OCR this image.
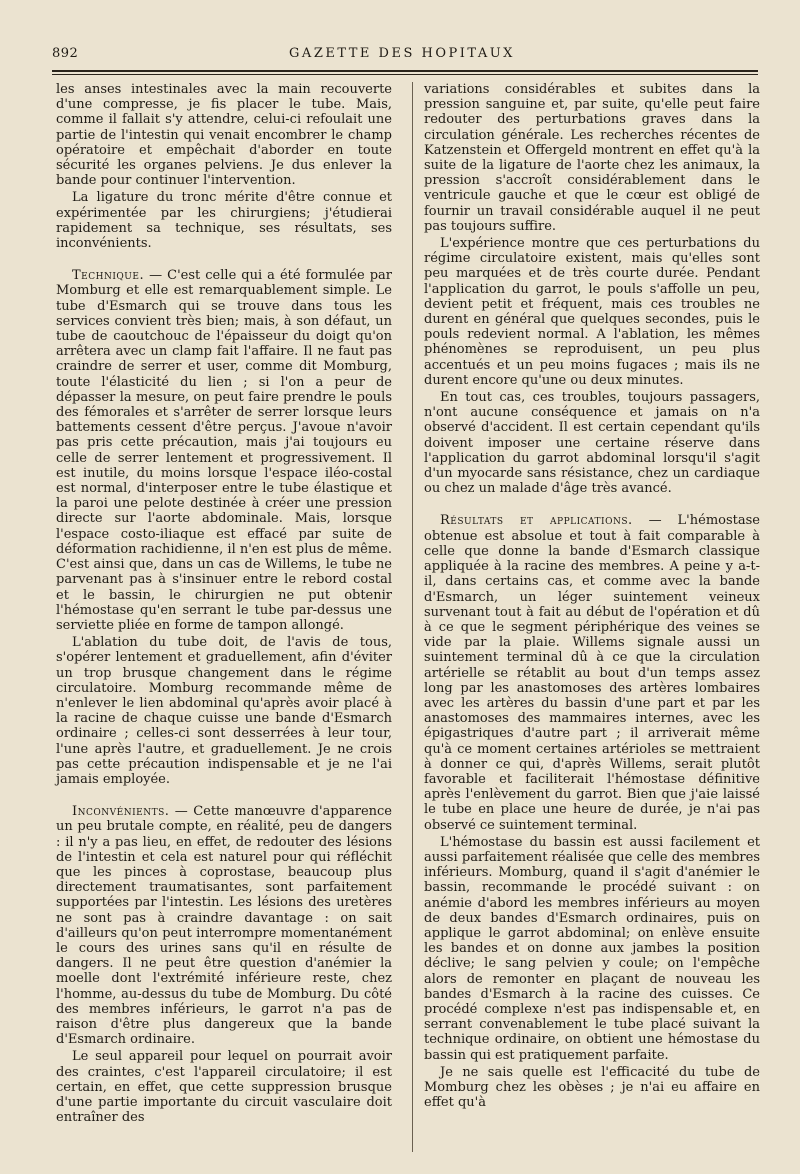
892	GAZETTE DES HOPITAUX

les anses intestinales avec la main recouverte d'une compresse, je fis placer le tube. Mais, comme il fallait s'y attendre, celui-ci refoulait une partie de l'intestin qui venait encombrer le champ opératoire et empêchait d'aborder en toute sécurité les organes pelviens. Je dus enlever la bande pour continuer l'intervention.

La ligature du tronc mérite d'être connue et expérimentée par les chirurgiens; j'étudierai rapidement sa technique, ses résultats, ses inconvénients.

Technique. — C'est celle qui a été formulée par Momburg et elle est remarquablement simple. Le tube d'Esmarch qui se trouve dans tous les services convient très bien; mais, à son défaut, un tube de caoutchouc de l'épaisseur du doigt qu'on arrêtera avec un clamp fait l'affaire. Il ne faut pas craindre de serrer et user, comme dit Momburg, toute l'élasticité du lien ; si l'on a peur de dépasser la mesure, on peut faire prendre le pouls des fémorales et s'arrêter de serrer lorsque leurs battements cessent d'être perçus. J'avoue n'avoir pas pris cette précaution, mais j'ai toujours eu celle de serrer lentement et progressivement. Il est inutile, du moins lorsque l'espace iléo-costal est normal, d'interposer entre le tube élastique et la paroi une pelote destinée à créer une pression directe sur l'aorte abdominale. Mais, lorsque l'espace costo-iliaque est effacé par suite de déformation rachidienne, il n'en est plus de même. C'est ainsi que, dans un cas de Willems, le tube ne parvenant pas à s'insinuer entre le rebord costal et le bassin, le chirurgien ne put obtenir l'hémostase qu'en serrant le tube par-dessus une serviette pliée en forme de tampon allongé.

L'ablation du tube doit, de l'avis de tous, s'opérer lentement et graduellement, afin d'éviter un trop brusque changement dans le régime circulatoire. Momburg recommande même de n'enlever le lien abdominal qu'après avoir placé à la racine de chaque cuisse une bande d'Esmarch ordinaire ; celles-ci sont desserrées à leur tour, l'une après l'autre, et graduellement. Je ne crois pas cette précaution indispensable et je ne l'ai jamais employée.

Inconvénients. — Cette manœuvre d'apparence un peu brutale compte, en réalité, peu de dangers : il n'y a pas lieu, en effet, de redouter des lésions de l'intestin et cela est naturel pour qui réfléchit que les pinces à coprostase, beaucoup plus directement traumatisantes, sont parfaitement supportées par l'intestin. Les lésions des uretères ne sont pas à craindre davantage : on sait d'ailleurs qu'on peut interrompre momentanément le cours des urines sans qu'il en résulte de dangers. Il ne peut être question d'anémier la moelle dont l'extrémité inférieure reste, chez l'homme, au-dessus du tube de Momburg. Du côté des membres inférieurs, le garrot n'a pas de raison d'être plus dangereux que la bande d'Esmarch ordinaire.

Le seul appareil pour lequel on pourrait avoir des craintes, c'est l'appareil circulatoire; il est certain, en effet, que cette suppression brusque d'une partie importante du circuit vasculaire doit entraîner des

variations considérables et subites dans la pression sanguine et, par suite, qu'elle peut faire redouter des perturbations graves dans la circulation générale. Les recherches récentes de Katzenstein et Offergeld montrent en effet qu'à la suite de la ligature de l'aorte chez les animaux, la pression s'accroît considérablement dans le ventricule gauche et que le cœur est obligé de fournir un travail considérable auquel il ne peut pas toujours suffire.

L'expérience montre que ces perturbations du régime circulatoire existent, mais qu'elles sont peu marquées et de très courte durée. Pendant l'application du garrot, le pouls s'affolle un peu, devient petit et fréquent, mais ces troubles ne durent en général que quelques secondes, puis le pouls redevient normal. A l'ablation, les mêmes phénomènes se reproduisent, un peu plus accentués et un peu moins fugaces ; mais ils ne durent encore qu'une ou deux minutes.

En tout cas, ces troubles, toujours passagers, n'ont aucune conséquence et jamais on n'a observé d'accident. Il est certain cependant qu'ils doivent imposer une certaine réserve dans l'application du garrot abdominal lorsqu'il s'agit d'un myocarde sans résistance, chez un cardiaque ou chez un malade d'âge très avancé.

Résultats et applications. — L'hémostase obtenue est absolue et tout à fait comparable à celle que donne la bande d'Esmarch classique appliquée à la racine des membres. A peine y a-t-il, dans certains cas, et comme avec la bande d'Esmarch, un léger suintement veineux survenant tout à fait au début de l'opération et dû à ce que le segment périphérique des veines se vide par la plaie. Willems signale aussi un suintement terminal dû à ce que la circulation artérielle se rétablit au bout d'un temps assez long par les anastomoses des artères lombaires avec les artères du bassin d'une part et par les anastomoses des mammaires internes, avec les épigastriques d'autre part ; il arriverait même qu'à ce moment certaines artérioles se mettraient à donner ce qui, d'après Willems, serait plutôt favorable et faciliterait l'hémostase définitive après l'enlèvement du garrot. Bien que j'aie laissé le tube en place une heure de durée, je n'ai pas observé ce suintement terminal.

L'hémostase du bassin est aussi facilement et aussi parfaitement réalisée que celle des membres inférieurs. Momburg, quand il s'agit d'anémier le bassin, recommande le procédé suivant : on anémie d'abord les membres inférieurs au moyen de deux bandes d'Esmarch ordinaires, puis on applique le garrot abdominal; on enlève ensuite les bandes et on donne aux jambes la position déclive; le sang pelvien y coule; on l'empêche alors de remonter en plaçant de nouveau les bandes d'Esmarch à la racine des cuisses. Ce procédé complexe n'est pas indispensable et, en serrant convenablement le tube placé suivant la technique ordinaire, on obtient une hémostase du bassin qui est pratiquement parfaite.

Je ne sais quelle est l'efficacité du tube de Momburg chez les obèses ; je n'ai eu affaire en effet qu'à
